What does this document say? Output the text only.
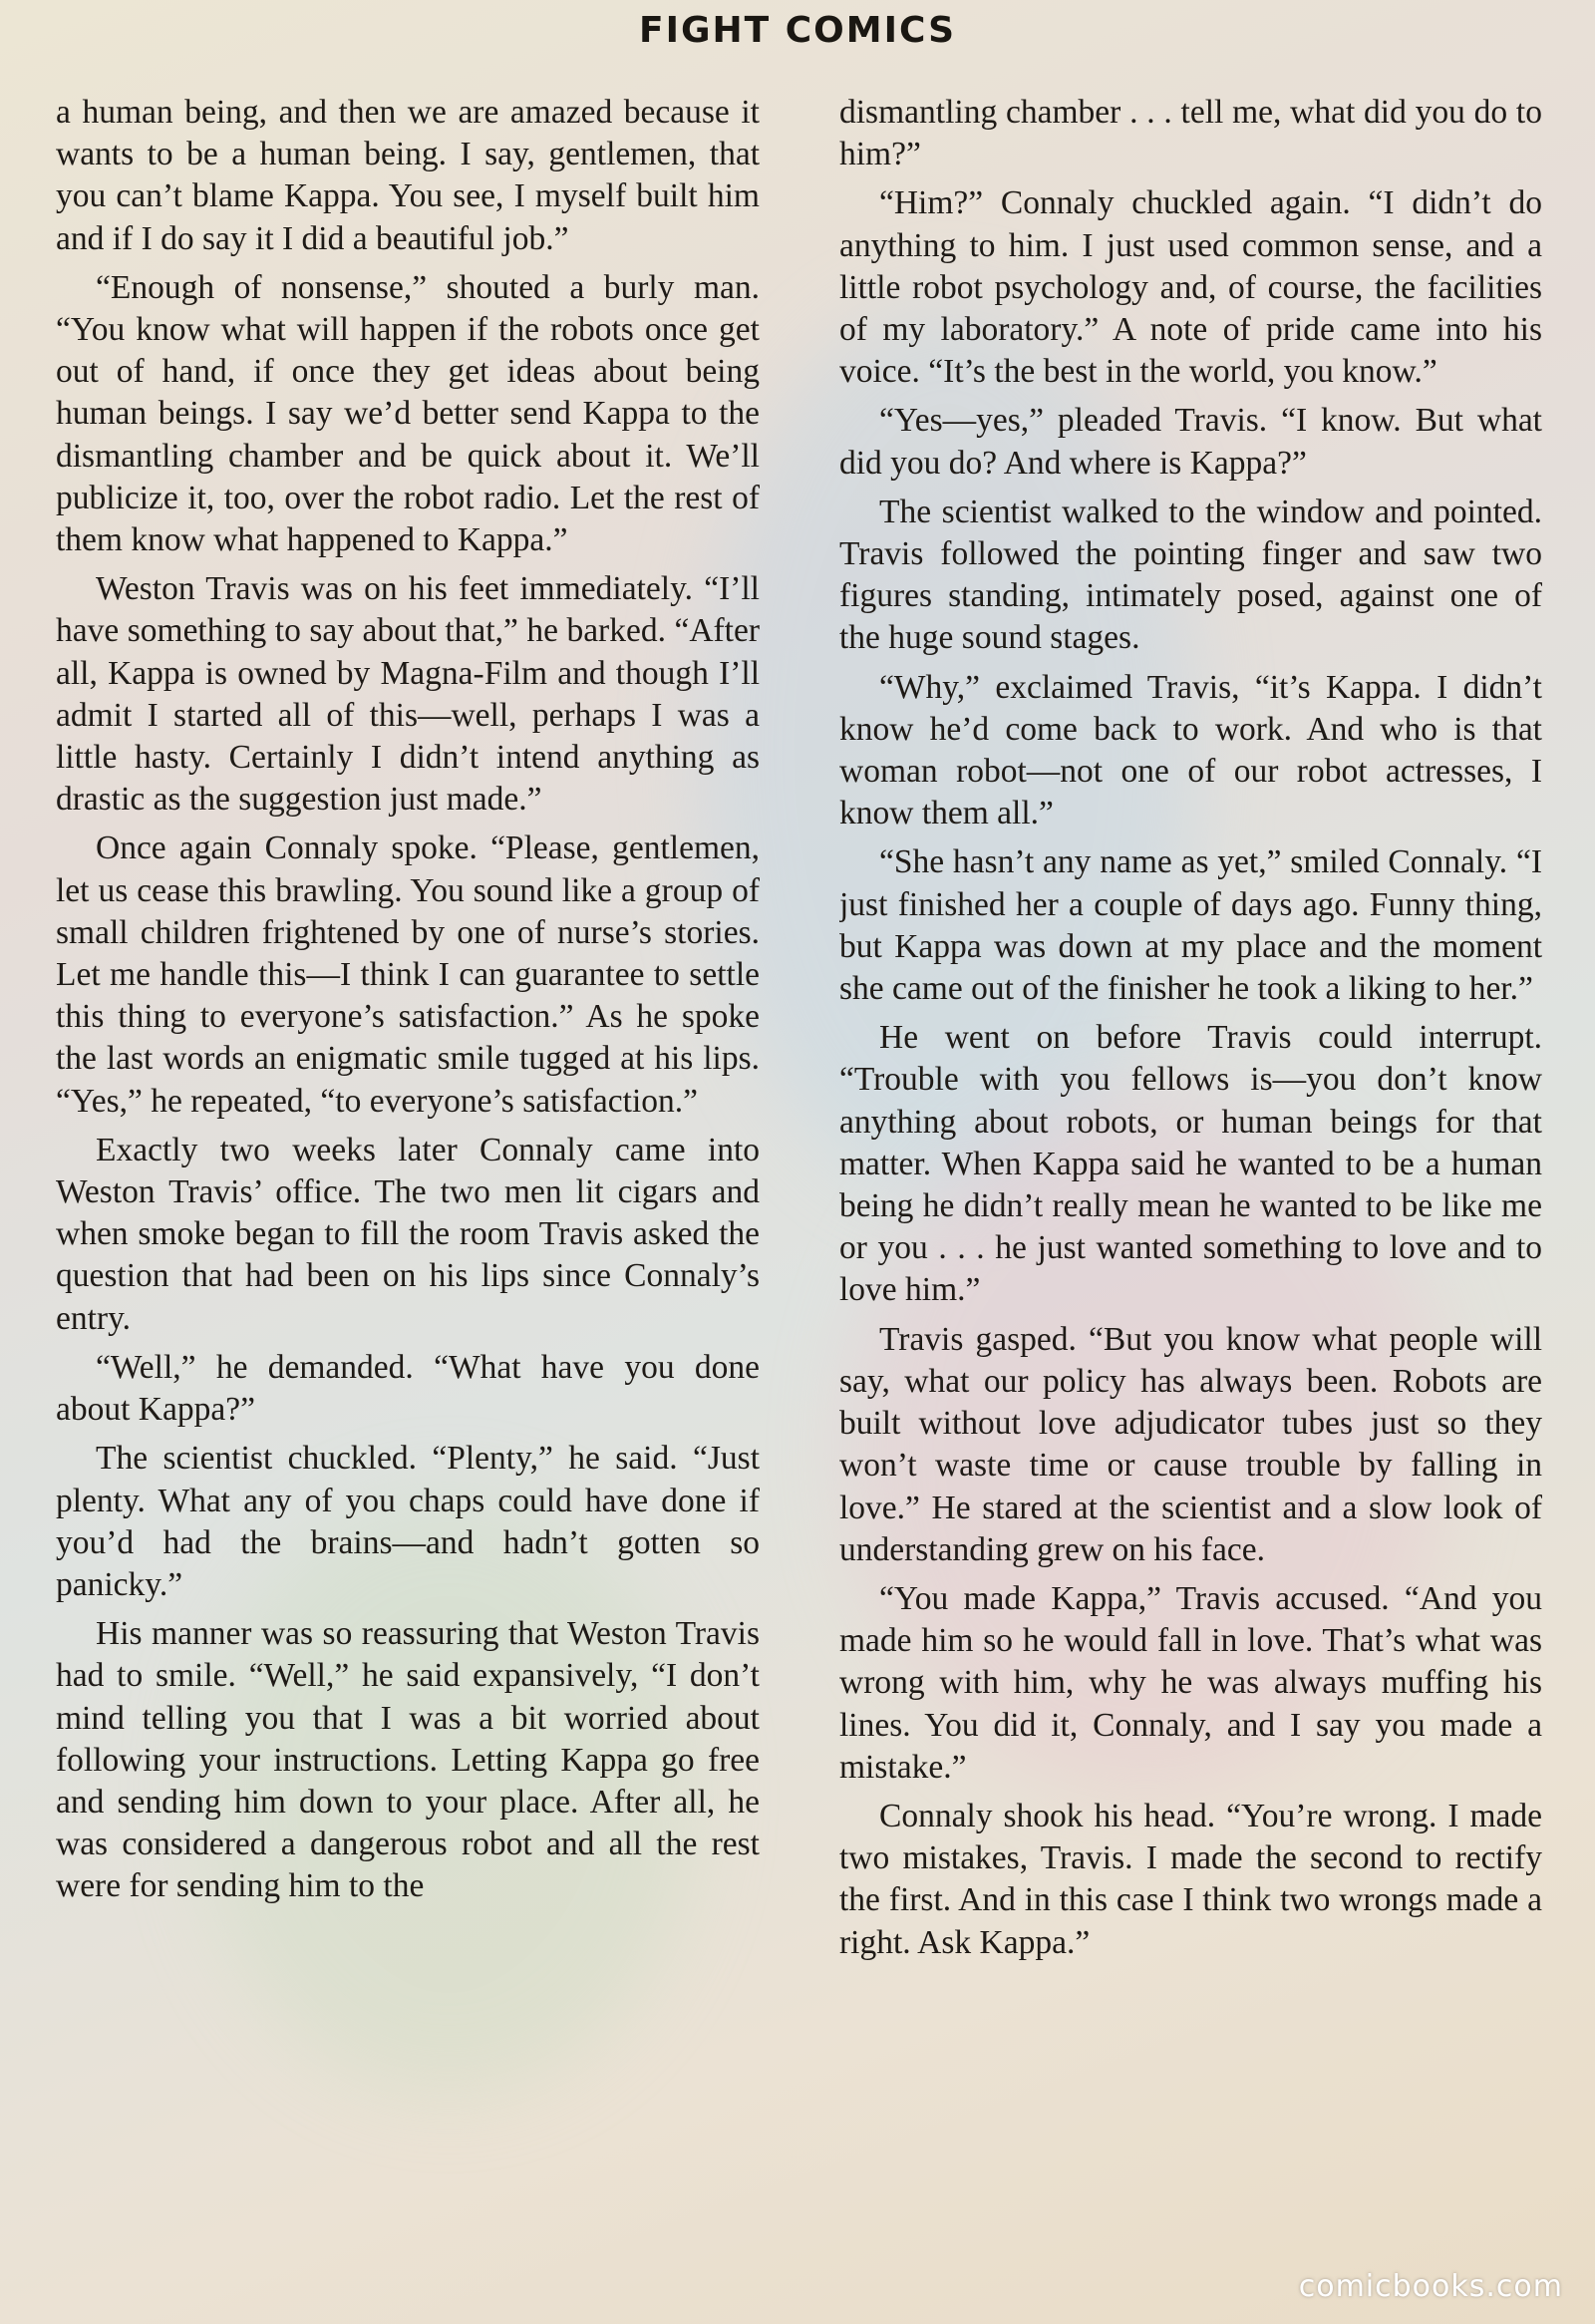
FIGHT COMICS

a human being, and then we are amazed because it wants to be a human being. I say, gentlemen, that you can’t blame Kappa. You see, I myself built him and if I do say it I did a beautiful job.”

“Enough of nonsense,” shouted a burly man. “You know what will happen if the robots once get out of hand, if once they get ideas about being human beings. I say we’d better send Kappa to the dismantling chamber and be quick about it. We’ll publicize it, too, over the robot radio. Let the rest of them know what happened to Kappa.”

Weston Travis was on his feet immediately. “I’ll have something to say about that,” he barked. “After all, Kappa is owned by Magna-Film and though I’ll admit I started all of this—well, perhaps I was a little hasty. Certainly I didn’t intend anything as drastic as the suggestion just made.”

Once again Connaly spoke. “Please, gentlemen, let us cease this brawling. You sound like a group of small children frightened by one of nurse’s stories. Let me handle this—I think I can guarantee to settle this thing to everyone’s satisfaction.” As he spoke the last words an enigmatic smile tugged at his lips. “Yes,” he repeated, “to everyone’s satisfaction.”

Exactly two weeks later Connaly came into Weston Travis’ office. The two men lit cigars and when smoke began to fill the room Travis asked the question that had been on his lips since Connaly’s entry.

“Well,” he demanded. “What have you done about Kappa?”

The scientist chuckled. “Plenty,” he said. “Just plenty. What any of you chaps could have done if you’d had the brains—and hadn’t gotten so panicky.”

His manner was so reassuring that Weston Travis had to smile. “Well,” he said expansively, “I don’t mind telling you that I was a bit worried about following your instructions. Letting Kappa go free and sending him down to your place. After all, he was considered a dangerous robot and all the rest were for sending him to the

dismantling chamber . . . tell me, what did you do to him?”

“Him?” Connaly chuckled again. “I didn’t do anything to him. I just used common sense, and a little robot psychology and, of course, the facilities of my laboratory.” A note of pride came into his voice. “It’s the best in the world, you know.”

“Yes—yes,” pleaded Travis. “I know. But what did you do? And where is Kappa?”

The scientist walked to the window and pointed. Travis followed the pointing finger and saw two figures standing, intimately posed, against one of the huge sound stages.

“Why,” exclaimed Travis, “it’s Kappa. I didn’t know he’d come back to work. And who is that woman robot—not one of our robot actresses, I know them all.”

“She hasn’t any name as yet,” smiled Connaly. “I just finished her a couple of days ago. Funny thing, but Kappa was down at my place and the moment she came out of the finisher he took a liking to her.”

He went on before Travis could interrupt. “Trouble with you fellows is—you don’t know anything about robots, or human beings for that matter. When Kappa said he wanted to be a human being he didn’t really mean he wanted to be like me or you . . . he just wanted something to love and to love him.”

Travis gasped. “But you know what people will say, what our policy has always been. Robots are built without love adjudicator tubes just so they won’t waste time or cause trouble by falling in love.” He stared at the scientist and a slow look of understanding grew on his face.

“You made Kappa,” Travis accused. “And you made him so he would fall in love. That’s what was wrong with him, why he was always muffing his lines. You did it, Connaly, and I say you made a mistake.”

Connaly shook his head. “You’re wrong. I made two mistakes, Travis. I made the second to rectify the first. And in this case I think two wrongs made a right. Ask Kappa.”

comicbooks.com
